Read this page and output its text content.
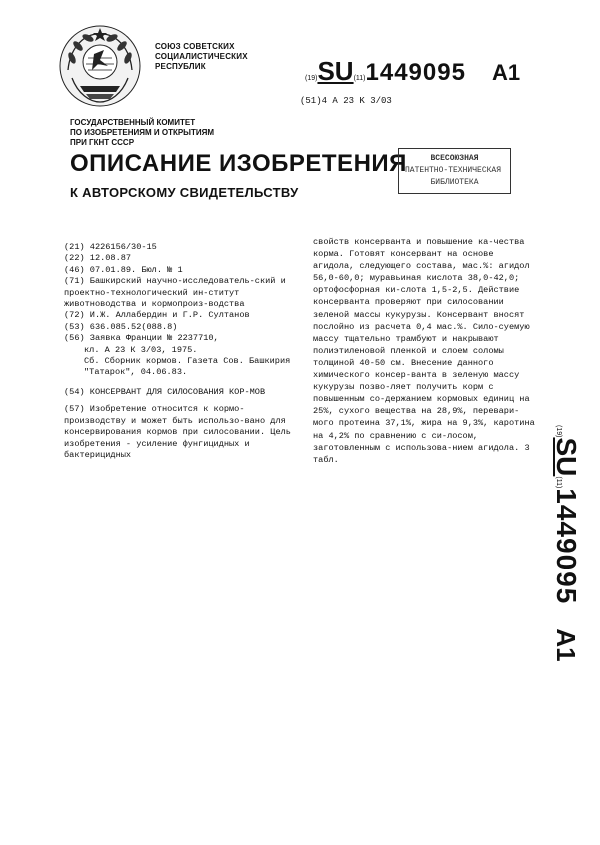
СОЮЗ СОВЕТСКИХ
СОЦИАЛИСТИЧЕСКИХ
РЕСПУБЛИК
(19)SU(11)1449095 A1
(51)4 A 23 K 3/03
ГОСУДАРСТВЕННЫЙ КОМИТЕТ
ПО ИЗОБРЕТЕНИЯМ И ОТКРЫТИЯМ
ПРИ ГКНТ СССР
ОПИСАНИЕ ИЗОБРЕТЕНИЯ
К АВТОРСКОМУ СВИДЕТЕЛЬСТВУ
ВСЕСОЮЗНАЯ
ПАТЕНТНО-ТЕХНИЧЕСКАЯ
БИБЛИОТЕКА

(21) 4226156/30-15

(22) 12.08.87

(46) 07.01.89. Бюл. № 1

(71) Башкирский научно-исследователь-ский и проектно-технологический ин-ститут животноводства и кормопроиз-водства

(72) И.Ж. Аллабердин и Г.Р. Султанов

(53) 636.085.52(088.8)

(56) Заявка Франции № 2237710,

кл. А 23 К 3/03, 1975.

Сб. Сборник кормов. Газета Сов. Башкирия "Татарок", 04.06.83.

(54) КОНСЕРВАНТ ДЛЯ СИЛОСОВАНИЯ КОР-МОВ

(57) Изобретение относится к кормо-производству и может быть использо-вано для консервирования кормов при силосовании. Цель изобретения - усиление фунгицидных и бактерицидных

свойств консерванта и повышение ка-чества корма. Готовят консервант на основе агидола, следующего состава, мас.%: агидол 56,0-60,0; муравьиная кислота 38,0-42,0; ортофосфорная ки-слота 1,5-2,5. Действие консерванта проверяют при силосовании зеленой массы кукурузы. Консервант вносят послойно из расчета 0,4 мас.%. Сило-суемую массу тщательно трамбуют и накрывают полиэтиленовой пленкой и слоем соломы толщиной 40-50 см. Внесение данного химического консер-ванта в зеленую массу кукурузы позво-ляет получить корм с повышенным со-держанием кормовых единиц на 25%, сухого вещества на 28,9%, перевари-мого протеина 37,1%, жира на 9,3%, каротина на 4,2% по сравнению с си-лосом, заготовленным с использова-нием агидола. 3 табл.
(19)SU(11)1449095A1
